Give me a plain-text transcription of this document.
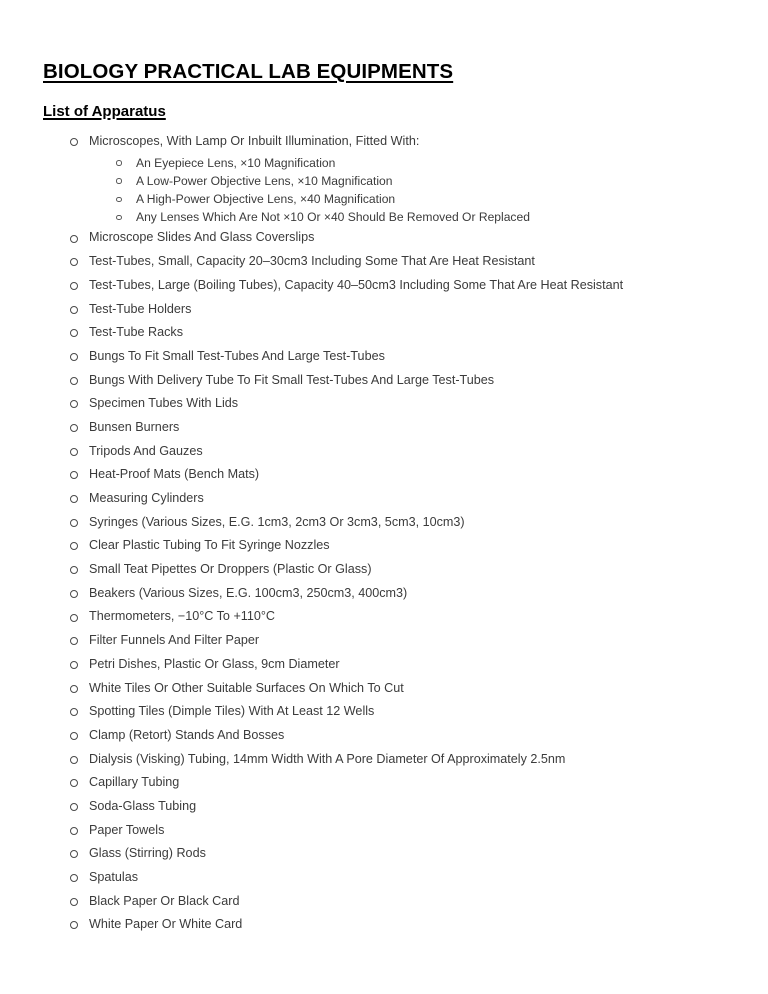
BIOLOGY PRACTICAL LAB EQUIPMENTS
List of Apparatus
Microscopes, With Lamp Or Inbuilt Illumination, Fitted With:
An Eyepiece Lens, ×10 Magnification
A Low-Power Objective Lens, ×10 Magnification
A High-Power Objective Lens, ×40 Magnification
Any Lenses Which Are Not ×10 Or ×40 Should Be Removed Or Replaced
Microscope Slides And Glass Coverslips
Test-Tubes, Small, Capacity 20–30cm3 Including Some That Are Heat Resistant
Test-Tubes, Large (Boiling Tubes), Capacity 40–50cm3 Including Some That Are Heat Resistant
Test-Tube Holders
Test-Tube Racks
Bungs To Fit Small Test-Tubes And Large Test-Tubes
Bungs With Delivery Tube To Fit Small Test-Tubes And Large Test-Tubes
Specimen Tubes With Lids
Bunsen Burners
Tripods And Gauzes
Heat-Proof Mats (Bench Mats)
Measuring Cylinders
Syringes (Various Sizes, E.G. 1cm3, 2cm3 Or 3cm3, 5cm3, 10cm3)
Clear Plastic Tubing To Fit Syringe Nozzles
Small Teat Pipettes Or Droppers (Plastic Or Glass)
Beakers (Various Sizes, E.G. 100cm3, 250cm3, 400cm3)
Thermometers, −10°C To +110°C
Filter Funnels And Filter Paper
Petri Dishes, Plastic Or Glass, 9cm Diameter
White Tiles Or Other Suitable Surfaces On Which To Cut
Spotting Tiles (Dimple Tiles) With At Least 12 Wells
Clamp (Retort) Stands And Bosses
Dialysis (Visking) Tubing, 14mm Width With A Pore Diameter Of Approximately 2.5nm
Capillary Tubing
Soda-Glass Tubing
Paper Towels
Glass (Stirring) Rods
Spatulas
Black Paper Or Black Card
White Paper Or White Card
